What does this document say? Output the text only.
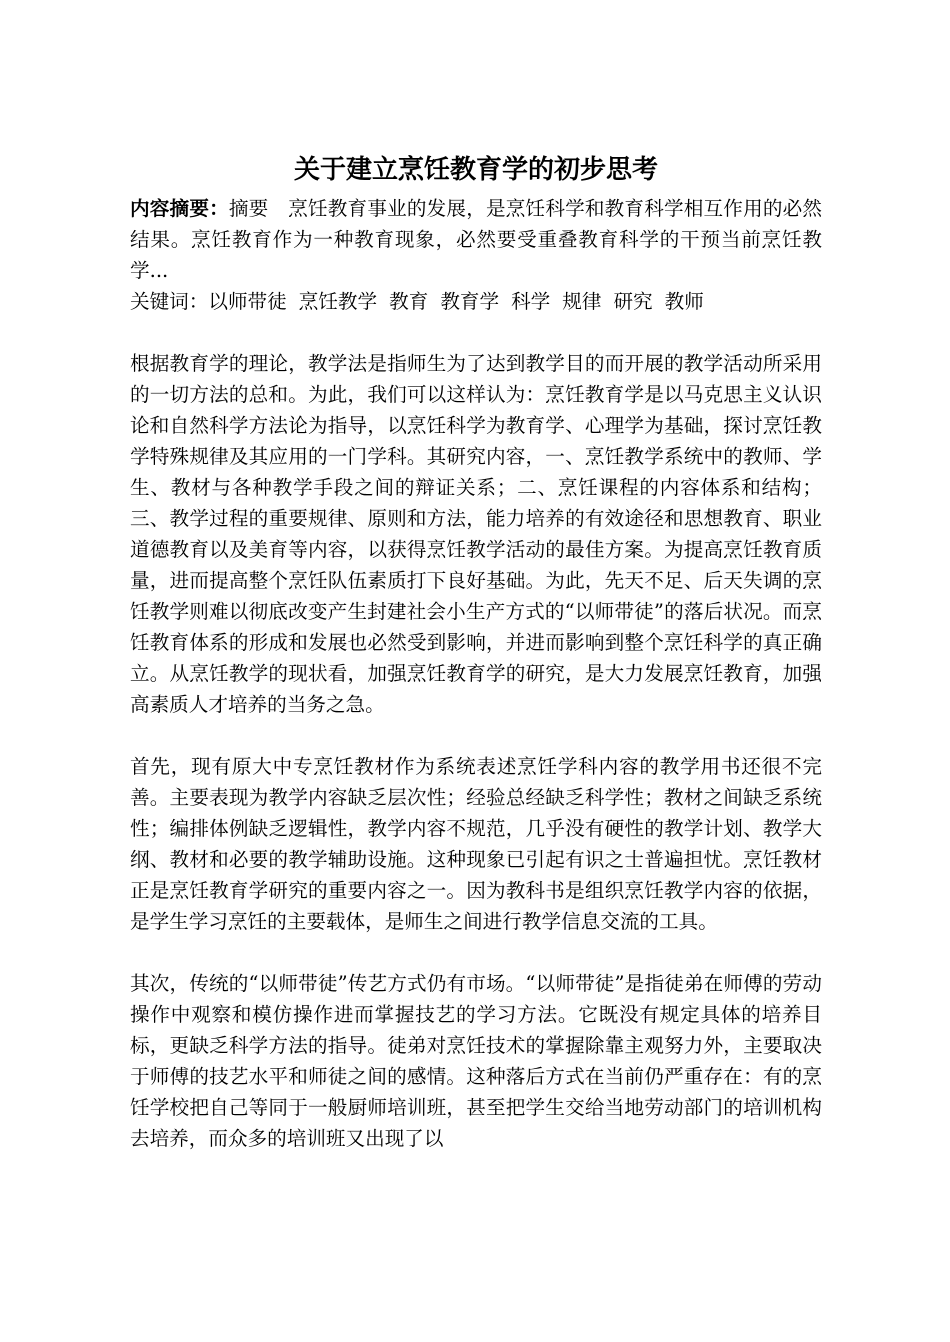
关于建立烹饪教育学的初步思考

内容摘要：摘要　烹饪教育事业的发展，是烹饪科学和教育科学相互作用的必然结果。烹饪教育作为一种教育现象，必然要受重叠教育科学的干预当前烹饪教学...

关键词：以师带徒 烹饪教学 教育 教育学 科学 规律 研究 教师

根据教育学的理论，教学法是指师生为了达到教学目的而开展的教学活动所采用的一切方法的总和。为此，我们可以这样认为：烹饪教育学是以马克思主义认识论和自然科学方法论为指导，以烹饪科学为教育学、心理学为基础，探讨烹饪教学特殊规律及其应用的一门学科。其研究内容，一、烹饪教学系统中的教师、学生、教材与各种教学手段之间的辩证关系；二、烹饪课程的内容体系和结构；三、教学过程的重要规律、原则和方法，能力培养的有效途径和思想教育、职业道德教育以及美育等内容，以获得烹饪教学活动的最佳方案。为提高烹饪教育质量，进而提高整个烹饪队伍素质打下良好基础。为此，先天不足、后天失调的烹饪教学则难以彻底改变产生封建社会小生产方式的“以师带徒”的落后状况。而烹饪教育体系的形成和发展也必然受到影响，并进而影响到整个烹饪科学的真正确立。从烹饪教学的现状看，加强烹饪教育学的研究，是大力发展烹饪教育，加强高素质人才培养的当务之急。

首先，现有原大中专烹饪教材作为系统表述烹饪学科内容的教学用书还很不完善。主要表现为教学内容缺乏层次性；经验总经缺乏科学性；教材之间缺乏系统性；编排体例缺乏逻辑性，教学内容不规范，几乎没有硬性的教学计划、教学大纲、教材和必要的教学辅助设施。这种现象已引起有识之士普遍担忧。烹饪教材正是烹饪教育学研究的重要内容之一。因为教科书是组织烹饪教学内容的依据，是学生学习烹饪的主要载体，是师生之间进行教学信息交流的工具。

其次，传统的“以师带徒”传艺方式仍有市场。“以师带徒”是指徒弟在师傅的劳动操作中观察和模仿操作进而掌握技艺的学习方法。它既没有规定具体的培养目标，更缺乏科学方法的指导。徒弟对烹饪技术的掌握除靠主观努力外，主要取决于师傅的技艺水平和师徒之间的感情。这种落后方式在当前仍严重存在：有的烹饪学校把自己等同于一般厨师培训班，甚至把学生交给当地劳动部门的培训机构去培养，而众多的培训班又出现了以
